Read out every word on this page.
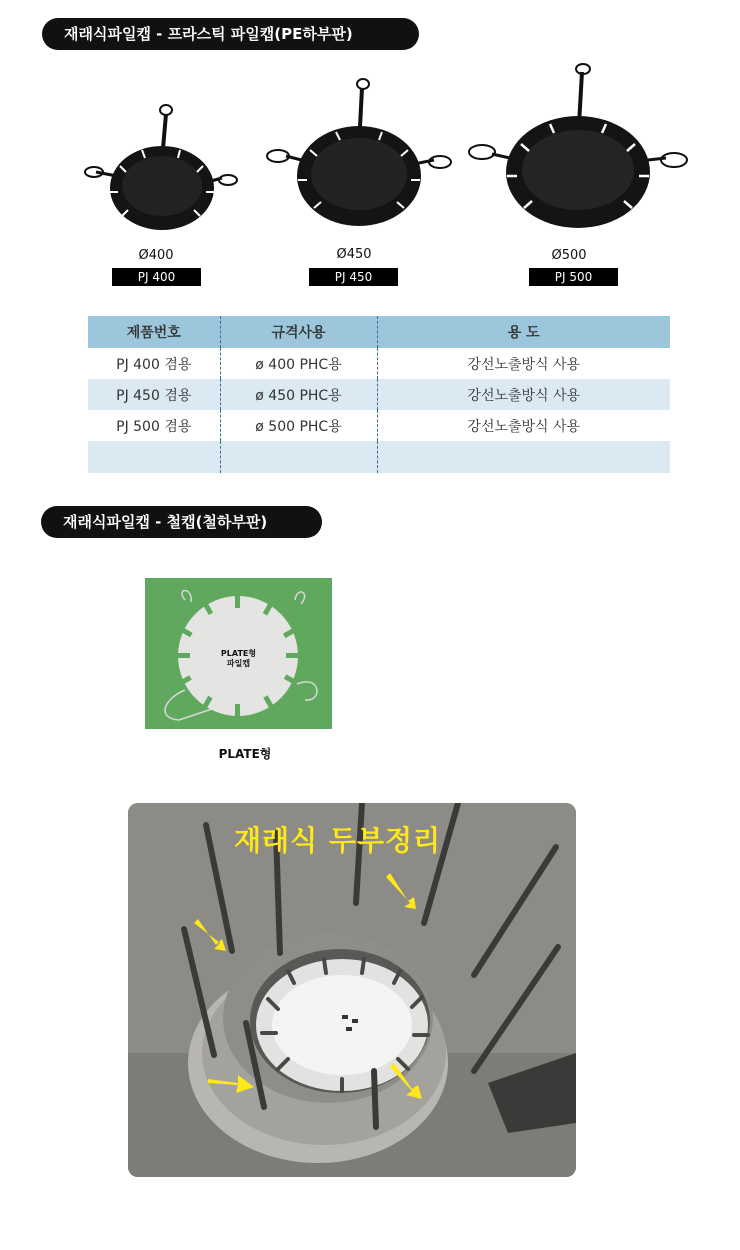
재래식파일캡 - 프라스틱 파일캡(PE하부판)
Ø400	Ø450	Ø500
PJ 400	PJ 450	PJ 500
제품번호	규격사용	용 도
PJ 400 겸용	ø 400 PHC용	강선노출방식 사용
PJ 450 겸용	ø 450 PHC용	강선노출방식 사용
PJ 500 겸용	ø 500 PHC용	강선노출방식 사용

재래식파일캡 - 철캡(철하부판)
PLATE형
파일캡
PLATE형
재래식 두부정리
